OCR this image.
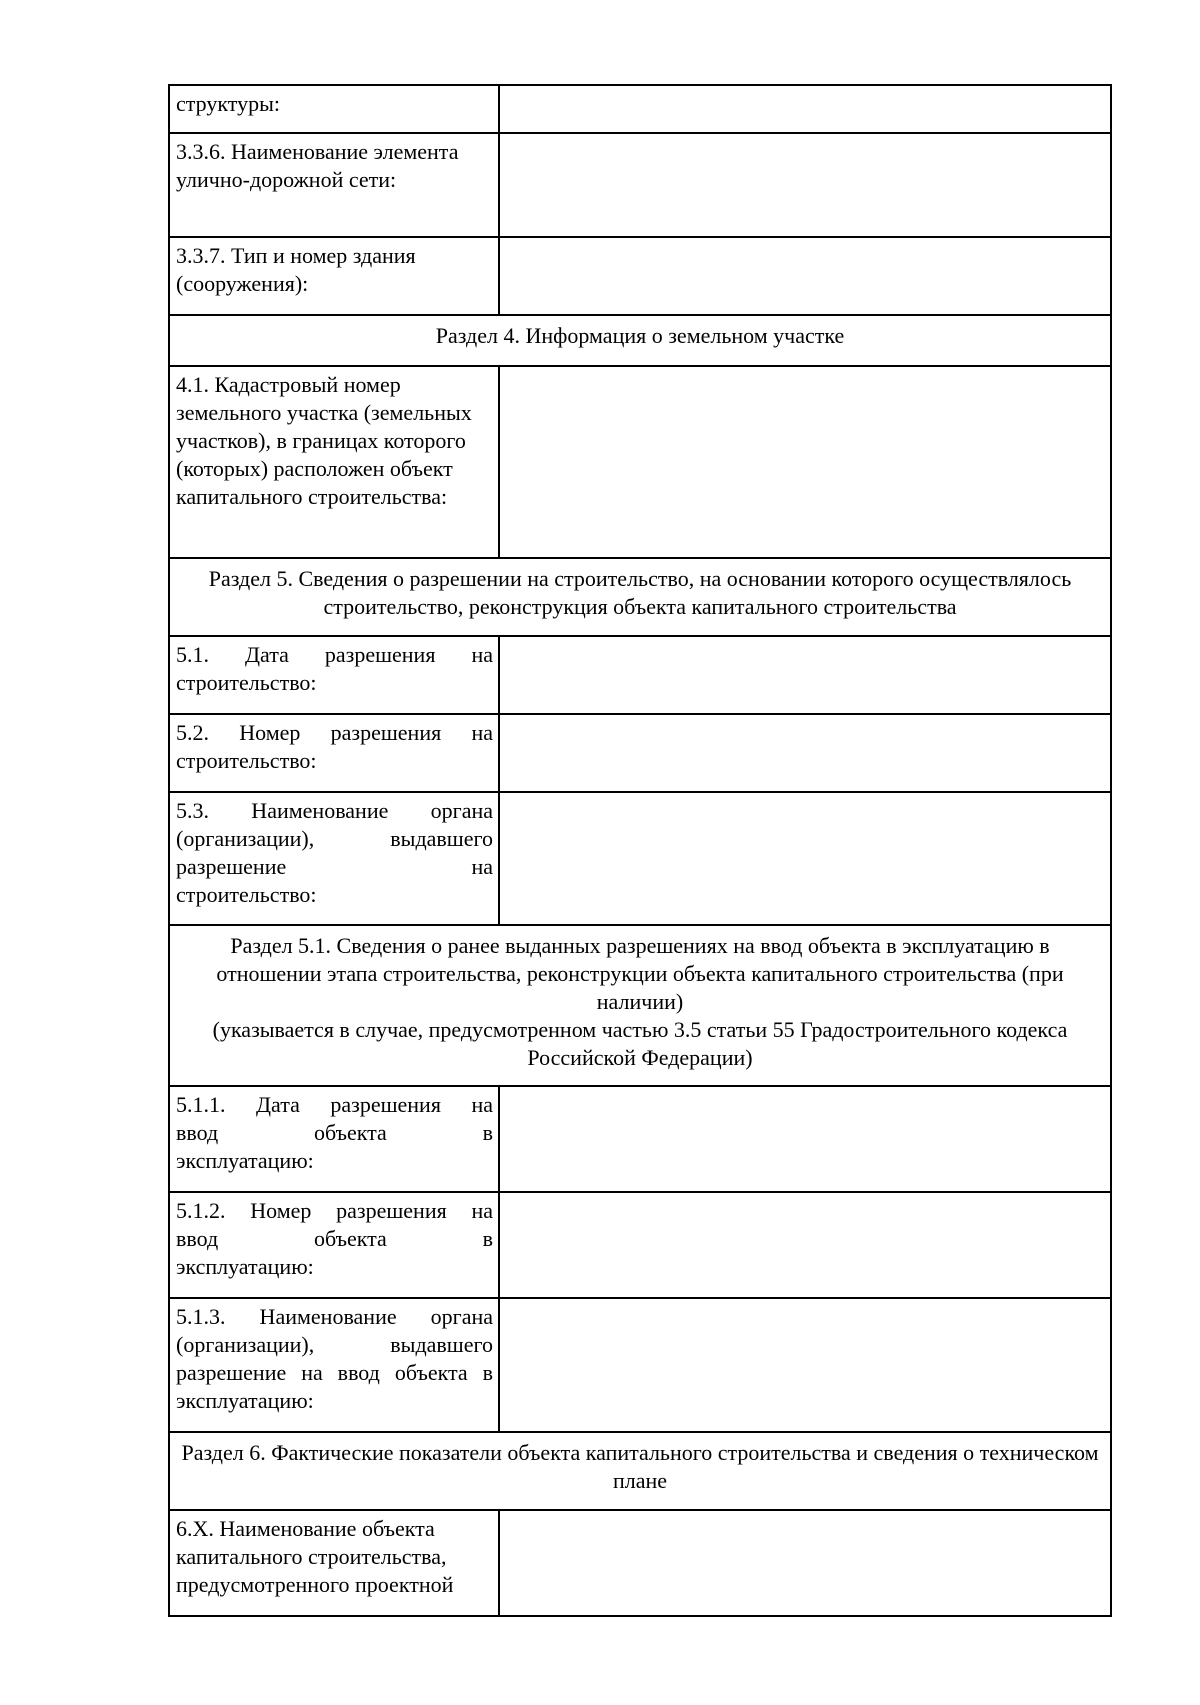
структуры:	
3.3.6. Наименование элемента улично-дорожной сети:	
3.3.7. Тип и номер здания (сооружения):	
Раздел 4. Информация о земельном участке	
4.1. Кадастровый номер земельного участка (земельных участков), в границах которого (которых) расположен объект капитального строительства:	
Раздел 5. Сведения о разрешении на строительство, на основании которого осуществлялось строительство, реконструкция объекта капитального строительства	

5.1. Дата разрешения на
строительство:	

5.2. Номер разрешения на
строительство:	

5.3. Наименование органа
(организации), выдавшего
разрешение на
строительство:	

Раздел 5.1. Сведения о ранее выданных разрешениях на ввод объекта в эксплуатацию в отношении этапа строительства, реконструкции объекта капитального строительства (при наличии)
(указывается в случае, предусмотренном частью 3.5 статьи 55 Градостроительного кодекса Российской Федерации)	

5.1.1. Дата разрешения на
ввод объекта в
эксплуатацию:	

5.1.2. Номер разрешения на
ввод объекта в
эксплуатацию:	

5.1.3. Наименование органа
(организации), выдавшего
разрешение на ввод объекта в
эксплуатацию:	

Раздел 6. Фактические показатели объекта капитального строительства и сведения о техническом плане	
6.X. Наименование объекта капитального строительства, предусмотренного проектной	
